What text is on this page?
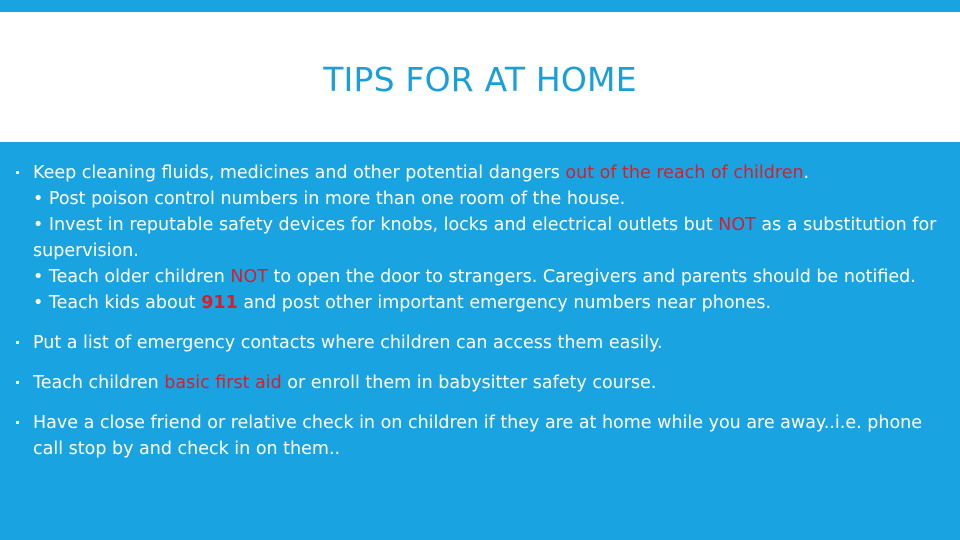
TIPS FOR AT HOME
Keep cleaning fluids, medicines and other potential dangers out of the reach of children.
• Post poison control numbers in more than one room of the house.
• Invest in reputable safety devices for knobs, locks and electrical outlets but NOT as a substitution for supervision.
• Teach older children NOT to open the door to strangers. Caregivers and parents should be notified.
• Teach kids about 911 and post other important emergency numbers near phones.
Put a list of emergency contacts where children can access them easily.
Teach children basic first aid or enroll them in babysitter safety course.
Have a close friend or relative check in on children if they are at home while you are away..i.e. phone call stop by and check in on them..
